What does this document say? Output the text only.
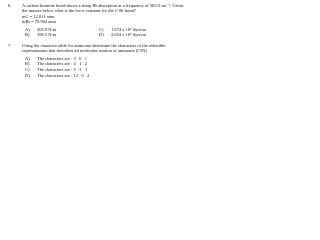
6. A carbon-bromine bond shows a sharp IR absorption at a frequency of 563.0 cm⁻¹. Given
the masses below what is the force constant for the C-Br bond?
mC = 12.011 amu
mBr = 79.904 amu
A)	205.8 N/m	C)	1.674 x 10⁶ dyn/cm
B)	196.5 N/m	D)	2.654 x 10⁶ dyn/cm
7. Using the character table for ammonia determine the characters of the reducible
representation that describes all molecular motion of ammonia (Γ3N)
A)	The characters are : 3   0   1
B)	The characters are : 4   1   2
C)	The characters are : 5  -1   1
D)	The characters are : 12   0   2
